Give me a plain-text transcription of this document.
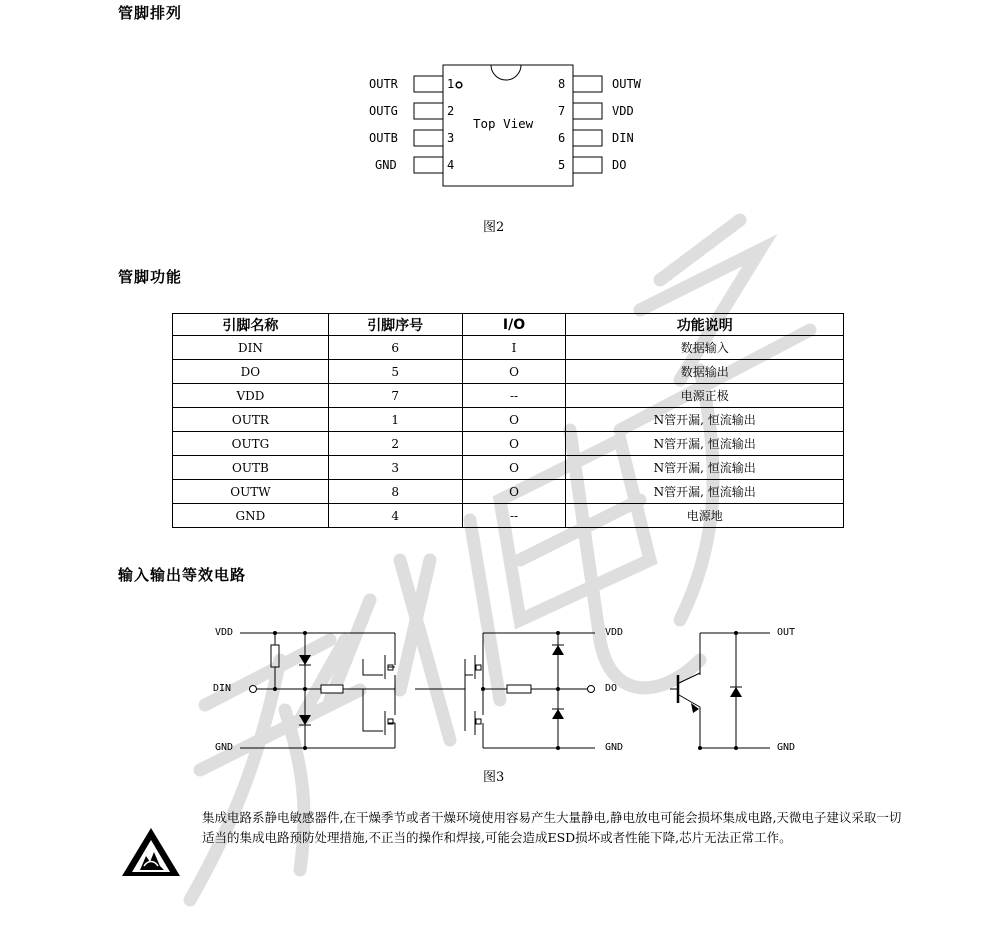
管脚排列
OUTR
OUTG
OUTB
GND
1
2
3
4
8
7
6
5
OUTW
VDD
DIN
DO
Top View
图2
管脚功能
引脚名称	引脚序号	I/O	功能说明
DIN	6	I	数据输入
DO	5	O	数据输出
VDD	7	--	电源正极
OUTR	1	O	N管开漏, 恒流输出
OUTG	2	O	N管开漏, 恒流输出
OUTB	3	O	N管开漏, 恒流输出
OUTW	8	O	N管开漏, 恒流输出
GND	4	--	电源地
输入输出等效电路
VDD
DIN
GND
VDD
DO
GND
OUT
GND
图3
集成电路系静电敏感器件,在干燥季节或者干燥环境使用容易产生大量静电,静电放电可能会损坏集成电路,天微电子建议采取一切适当的集成电路预防处理措施,不正当的操作和焊接,可能会造成ESD损坏或者性能下降,芯片无法正常工作。
